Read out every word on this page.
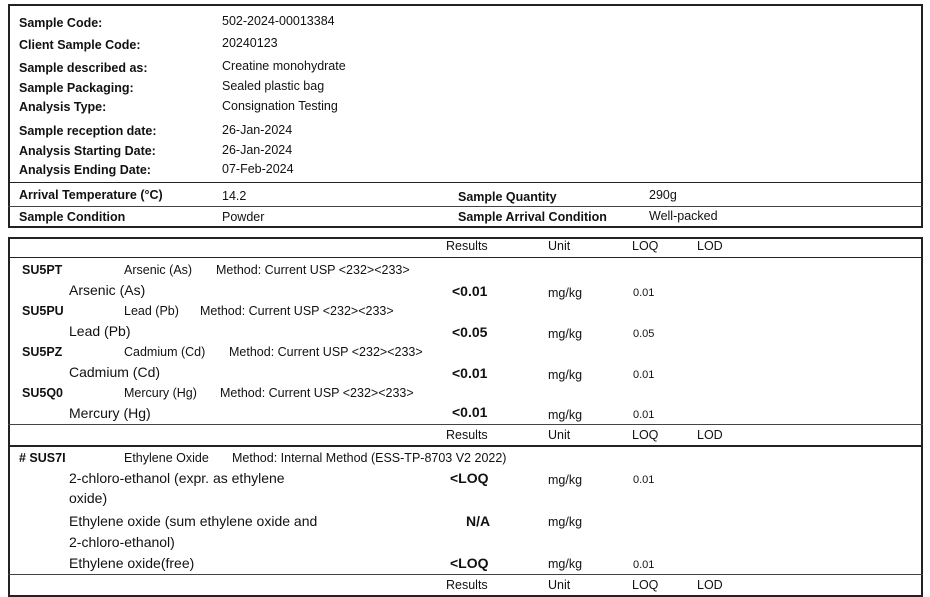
Sample Code:	502-2024-00013384
Client Sample Code:	20240123
Sample described as:	Creatine monohydrate
Sample Packaging:	Sealed plastic bag
Analysis Type:	Consignation Testing
Sample reception date:	26-Jan-2024
Analysis Starting Date:	26-Jan-2024
Analysis Ending Date:	07-Feb-2024
Arrival Temperature (°C)	14.2	Sample Quantity	290g
Sample Condition	Powder	Sample Arrival Condition	Well-packed
Results	Unit	LOQ	LOD
SU5PT	Arsenic (As) Method: Current USP <232><233>
Arsenic (As)	<0.01	mg/kg	0.01
SU5PU	Lead (Pb) Method: Current USP <232><233>
Lead (Pb)	<0.05	mg/kg	0.05
SU5PZ	Cadmium (Cd) Method: Current USP <232><233>
Cadmium (Cd)	<0.01	mg/kg	0.01
SU5Q0	Mercury (Hg) Method: Current USP <232><233>
Mercury (Hg)	<0.01	mg/kg	0.01
Results	Unit	LOQ	LOD
# SUS7I	Ethylene Oxide Method: Internal Method (ESS-TP-8703 V2 2022)
2-chloro-ethanol (expr. as ethylene
oxide)
<LOQ	mg/kg	0.01
Ethylene oxide (sum ethylene oxide and
2-chloro-ethanol)
N/A	mg/kg
Ethylene oxide(free)	<LOQ	mg/kg	0.01
Results	Unit	LOQ	LOD
